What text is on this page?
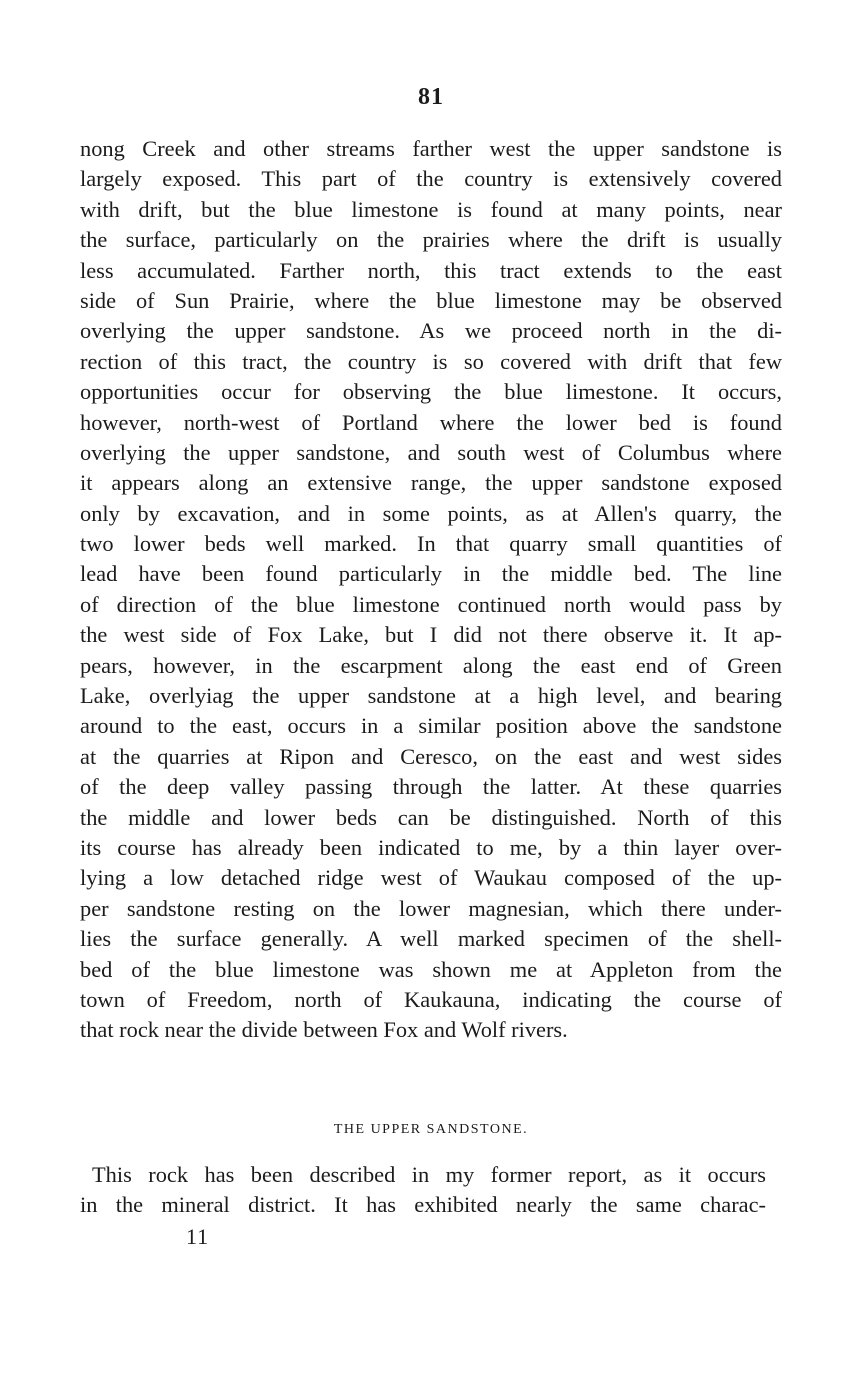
81
nong Creek and other streams farther west the upper sandstone is
largely exposed. This part of the country is extensively covered
with drift, but the blue limestone is found at many points, near
the surface, particularly on the prairies where the drift is usually
less accumulated. Farther north, this tract extends to the east
side of Sun Prairie, where the blue limestone may be observed
overlying the upper sandstone. As we proceed north in the di-
rection of this tract, the country is so covered with drift that few
opportunities occur for observing the blue limestone. It occurs,
however, north-west of Portland where the lower bed is found
overlying the upper sandstone, and south west of Columbus where
it appears along an extensive range, the upper sandstone exposed
only by excavation, and in some points, as at Allen's quarry, the
two lower beds well marked. In that quarry small quantities of
lead have been found particularly in the middle bed. The line
of direction of the blue limestone continued north would pass by
the west side of Fox Lake, but I did not there observe it. It ap-
pears, however, in the escarpment along the east end of Green
Lake, overlyiag the upper sandstone at a high level, and bearing
around to the east, occurs in a similar position above the sandstone
at the quarries at Ripon and Ceresco, on the east and west sides
of the deep valley passing through the latter. At these quarries
the middle and lower beds can be distinguished. North of this
its course has already been indicated to me, by a thin layer over-
lying a low detached ridge west of Waukau composed of the up-
per sandstone resting on the lower magnesian, which there under-
lies the surface generally. A well marked specimen of the shell-
bed of the blue limestone was shown me at Appleton from the
town of Freedom, north of Kaukauna, indicating the course of
that rock near the divide between Fox and Wolf rivers.
THE UPPER SANDSTONE.
This rock has been described in my former report, as it occurs
in the mineral district. It has exhibited nearly the same charac-
11
